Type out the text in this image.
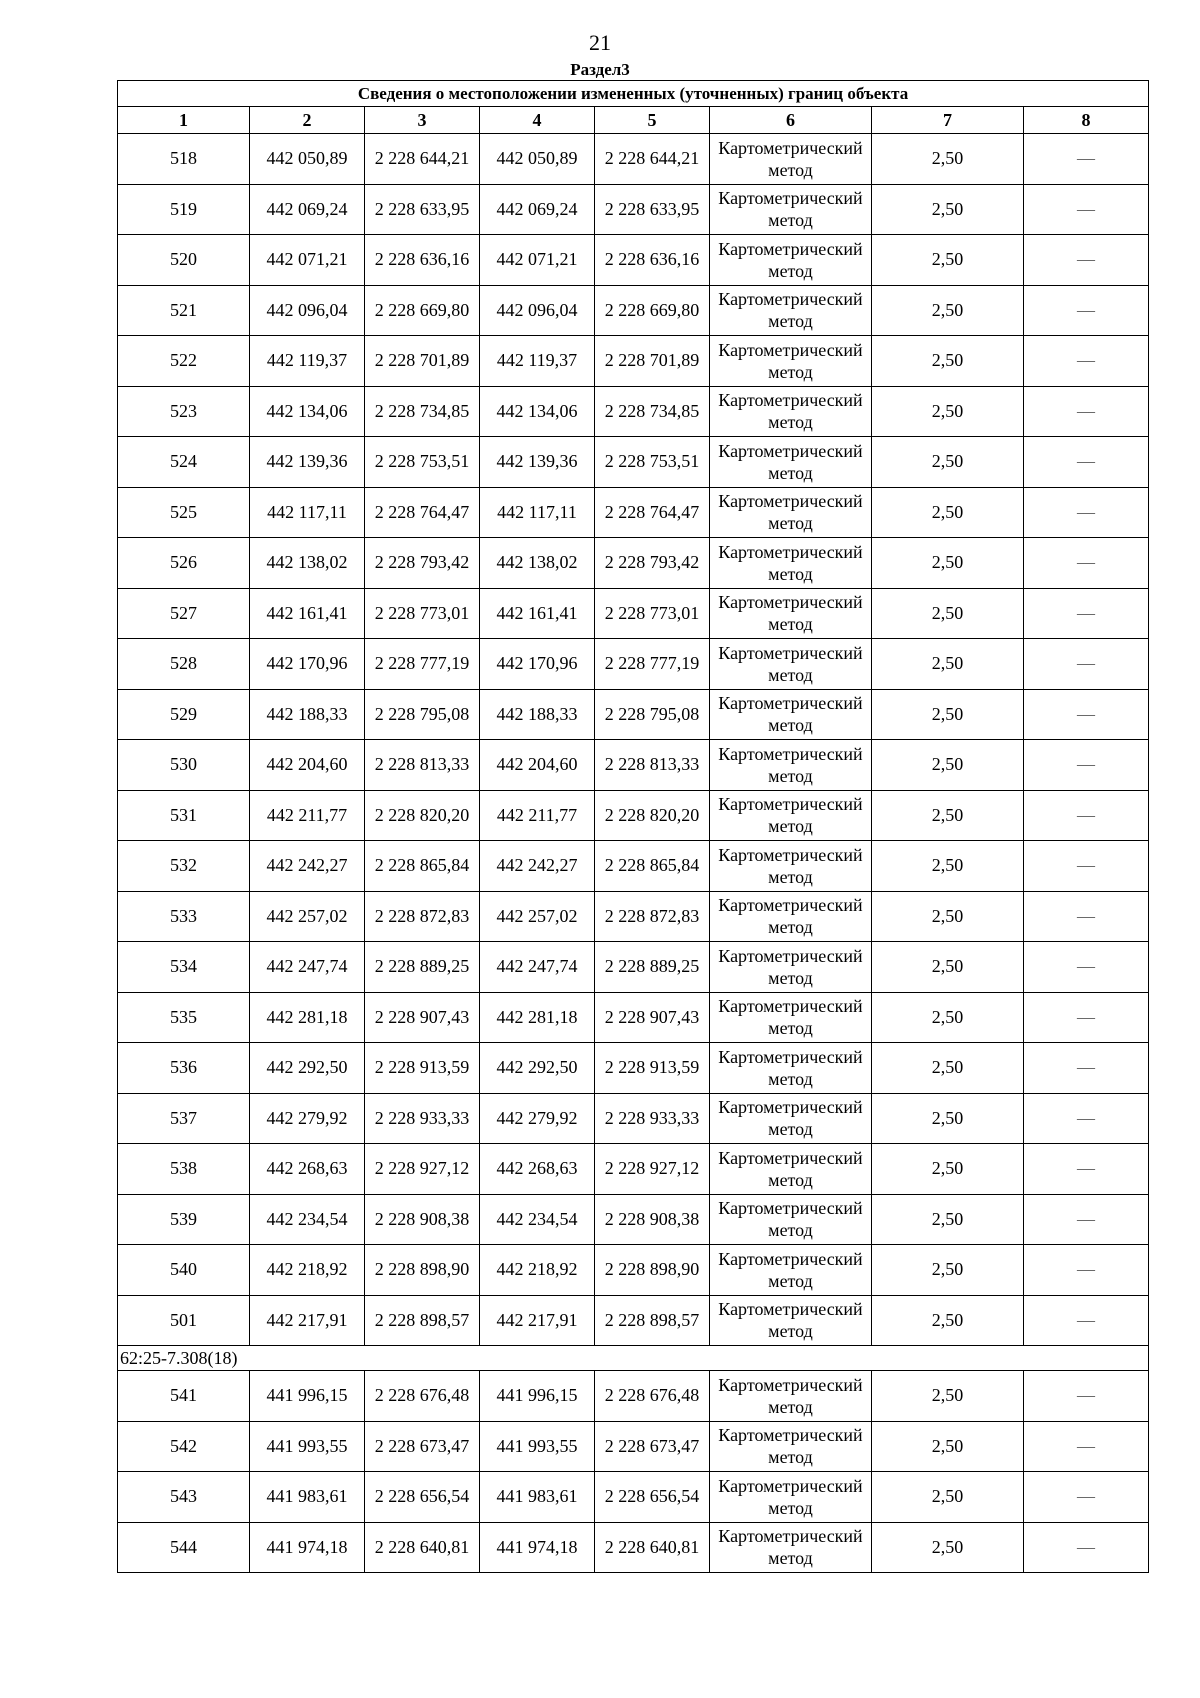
21
Раздел3
Сведения о местоположении измененных (уточненных) границ объекта							
1	2	3	4	5	6	7	8
518	442 050,89	2 228 644,21	442 050,89	2 228 644,21	Картометрический метод	2,50	—
519	442 069,24	2 228 633,95	442 069,24	2 228 633,95	Картометрический метод	2,50	—
520	442 071,21	2 228 636,16	442 071,21	2 228 636,16	Картометрический метод	2,50	—
521	442 096,04	2 228 669,80	442 096,04	2 228 669,80	Картометрический метод	2,50	—
522	442 119,37	2 228 701,89	442 119,37	2 228 701,89	Картометрический метод	2,50	—
523	442 134,06	2 228 734,85	442 134,06	2 228 734,85	Картометрический метод	2,50	—
524	442 139,36	2 228 753,51	442 139,36	2 228 753,51	Картометрический метод	2,50	—
525	442 117,11	2 228 764,47	442 117,11	2 228 764,47	Картометрический метод	2,50	—
526	442 138,02	2 228 793,42	442 138,02	2 228 793,42	Картометрический метод	2,50	—
527	442 161,41	2 228 773,01	442 161,41	2 228 773,01	Картометрический метод	2,50	—
528	442 170,96	2 228 777,19	442 170,96	2 228 777,19	Картометрический метод	2,50	—
529	442 188,33	2 228 795,08	442 188,33	2 228 795,08	Картометрический метод	2,50	—
530	442 204,60	2 228 813,33	442 204,60	2 228 813,33	Картометрический метод	2,50	—
531	442 211,77	2 228 820,20	442 211,77	2 228 820,20	Картометрический метод	2,50	—
532	442 242,27	2 228 865,84	442 242,27	2 228 865,84	Картометрический метод	2,50	—
533	442 257,02	2 228 872,83	442 257,02	2 228 872,83	Картометрический метод	2,50	—
534	442 247,74	2 228 889,25	442 247,74	2 228 889,25	Картометрический метод	2,50	—
535	442 281,18	2 228 907,43	442 281,18	2 228 907,43	Картометрический метод	2,50	—
536	442 292,50	2 228 913,59	442 292,50	2 228 913,59	Картометрический метод	2,50	—
537	442 279,92	2 228 933,33	442 279,92	2 228 933,33	Картометрический метод	2,50	—
538	442 268,63	2 228 927,12	442 268,63	2 228 927,12	Картометрический метод	2,50	—
539	442 234,54	2 228 908,38	442 234,54	2 228 908,38	Картометрический метод	2,50	—
540	442 218,92	2 228 898,90	442 218,92	2 228 898,90	Картометрический метод	2,50	—
501	442 217,91	2 228 898,57	442 217,91	2 228 898,57	Картометрический метод	2,50	—
62:25-7.308(18)							
541	441 996,15	2 228 676,48	441 996,15	2 228 676,48	Картометрический метод	2,50	—
542	441 993,55	2 228 673,47	441 993,55	2 228 673,47	Картометрический метод	2,50	—
543	441 983,61	2 228 656,54	441 983,61	2 228 656,54	Картометрический метод	2,50	—
544	441 974,18	2 228 640,81	441 974,18	2 228 640,81	Картометрический метод	2,50	—
